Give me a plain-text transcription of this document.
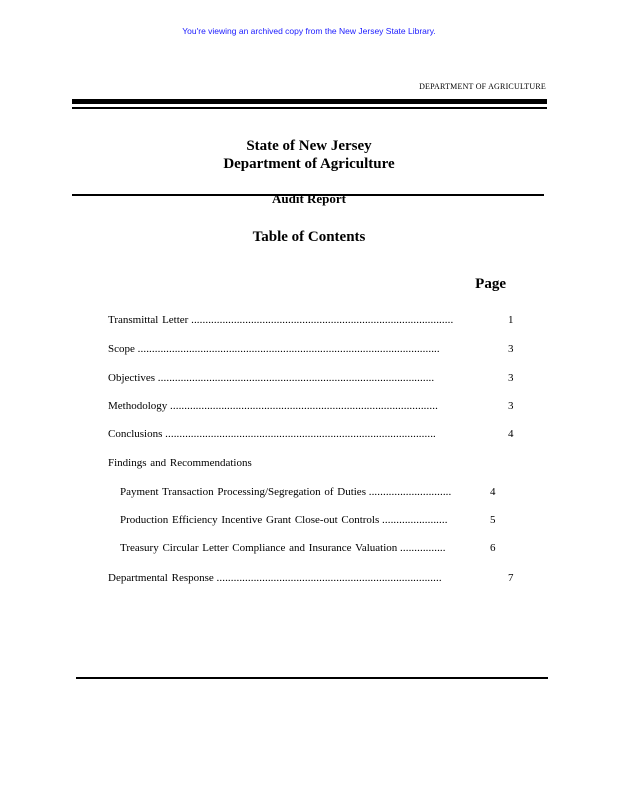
You're viewing an archived copy from the New Jersey State Library.
DEPARTMENT OF AGRICULTURE
State of New Jersey
Department of Agriculture
Audit Report
Table of Contents
Page
Transmittal Letter ............................................................................................	1
Scope ..........................................................................................................	3
Objectives .................................................................................................	3
Methodology ..............................................................................................	3
Conclusions ...............................................................................................	4
Findings and Recommendations
Payment Transaction Processing/Segregation of Duties .............................	4
Production Efficiency Incentive Grant Close-out Controls .......................	5
Treasury Circular Letter Compliance and Insurance Valuation ................	6
Departmental Response ...............................................................................	7
